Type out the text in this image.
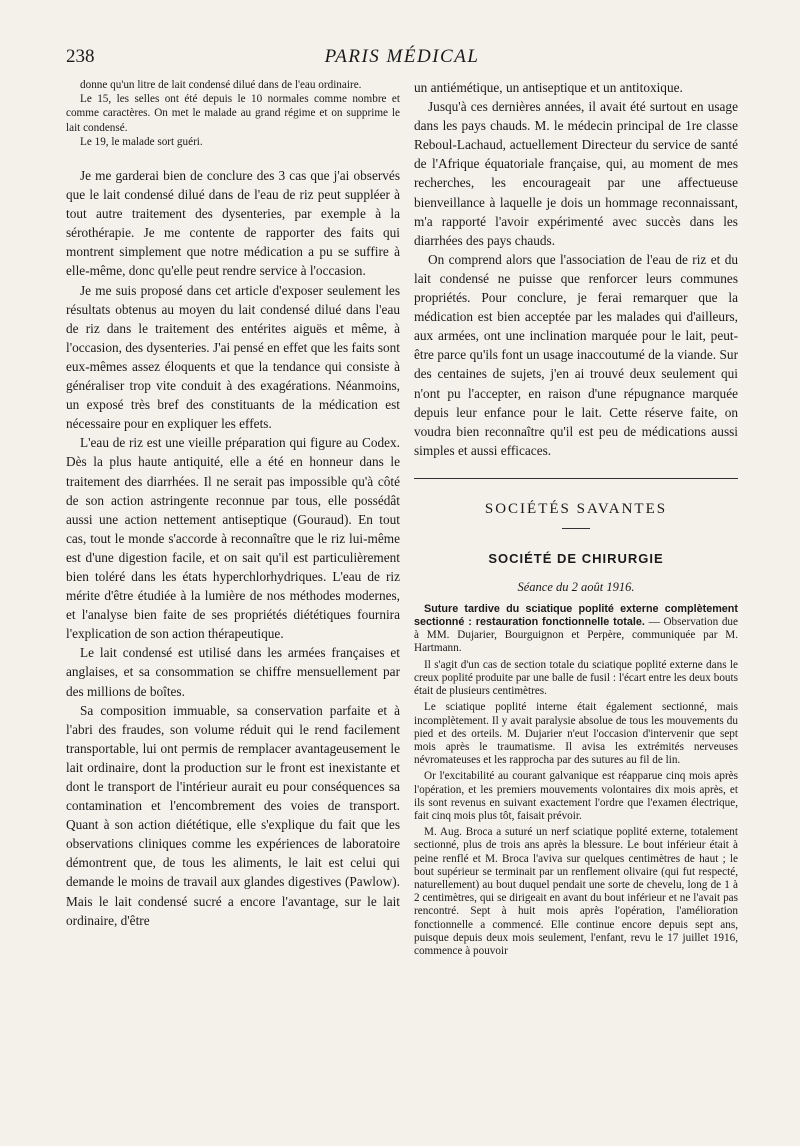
238	PARIS MÉDICAL

donne qu'un litre de lait condensé dilué dans de l'eau ordinaire.

Le 15, les selles ont été depuis le 10 normales comme nombre et comme caractères. On met le malade au grand régime et on supprime le lait condensé.

Le 19, le malade sort guéri.

Je me garderai bien de conclure des 3 cas que j'ai observés que le lait condensé dilué dans de l'eau de riz peut suppléer à tout autre traitement des dysenteries, par exemple à la sérothérapie. Je me contente de rapporter des faits qui montrent simplement que notre médication a pu se suffire à elle-même, donc qu'elle peut rendre service à l'occasion.

Je me suis proposé dans cet article d'exposer seulement les résultats obtenus au moyen du lait condensé dilué dans l'eau de riz dans le traitement des entérites aiguës et même, à l'occasion, des dysenteries. J'ai pensé en effet que les faits sont eux-mêmes assez éloquents et que la tendance qui consiste à généraliser trop vite conduit à des exagérations. Néanmoins, un exposé très bref des constituants de la médication est nécessaire pour en expliquer les effets.

L'eau de riz est une vieille préparation qui figure au Codex. Dès la plus haute antiquité, elle a été en honneur dans le traitement des diarrhées. Il ne serait pas impossible qu'à côté de son action astringente reconnue par tous, elle possédât aussi une action nettement antiseptique (Gouraud). En tout cas, tout le monde s'accorde à reconnaître que le riz lui-même est d'une digestion facile, et on sait qu'il est particulièrement bien toléré dans les états hyperchlorhydriques. L'eau de riz mérite d'être étudiée à la lumière de nos méthodes modernes, et l'analyse bien faite de ses propriétés diététiques fournira l'explication de son action thérapeutique.

Le lait condensé est utilisé dans les armées françaises et anglaises, et sa consommation se chiffre mensuellement par des millions de boîtes.

Sa composition immuable, sa conservation parfaite et à l'abri des fraudes, son volume réduit qui le rend facilement transportable, lui ont permis de remplacer avantageusement le lait ordinaire, dont la production sur le front est inexistante et dont le transport de l'intérieur aurait eu pour conséquences sa contamination et l'encombrement des voies de transport. Quant à son action diététique, elle s'explique du fait que les observations cliniques comme les expériences de laboratoire démontrent que, de tous les aliments, le lait est celui qui demande le moins de travail aux glandes digestives (Pawlow). Mais le lait condensé sucré a encore l'avantage, sur le lait ordinaire, d'être

un antiémétique, un antiseptique et un antitoxique.

Jusqu'à ces dernières années, il avait été surtout en usage dans les pays chauds. M. le médecin principal de 1re classe Reboul-Lachaud, actuellement Directeur du service de santé de l'Afrique équatoriale française, qui, au moment de mes recherches, les encourageait par une affectueuse bienveillance à laquelle je dois un hommage reconnaissant, m'a rapporté l'avoir expérimenté avec succès dans les diarrhées des pays chauds.

On comprend alors que l'association de l'eau de riz et du lait condensé ne puisse que renforcer leurs communes propriétés. Pour conclure, je ferai remarquer que la médication est bien acceptée par les malades qui d'ailleurs, aux armées, ont une inclination marquée pour le lait, peut-être parce qu'ils font un usage inaccoutumé de la viande. Sur des centaines de sujets, j'en ai trouvé deux seulement qui n'ont pu l'accepter, en raison d'une répugnance marquée depuis leur enfance pour le lait. Cette réserve faite, on voudra bien reconnaître qu'il est peu de médications aussi simples et aussi efficaces.

SOCIÉTÉS SAVANTES
SOCIÉTÉ DE CHIRURGIE
Séance du 2 août 1916.

Suture tardive du sciatique poplité externe complètement sectionné : restauration fonctionnelle totale. — Observation due à MM. Dujarier, Bourguignon et Perpère, communiquée par M. Hartmann.

Il s'agit d'un cas de section totale du sciatique poplité externe dans le creux poplité produite par une balle de fusil : l'écart entre les deux bouts était de plusieurs centimètres.

Le sciatique poplité interne était également sectionné, mais incomplètement. Il y avait paralysie absolue de tous les mouvements du pied et des orteils. M. Dujarier n'eut l'occasion d'intervenir que sept mois après le traumatisme. Il avisa les extrémités nerveuses névromateuses et les rapprocha par des sutures au fil de lin.

Or l'excitabilité au courant galvanique est réapparue cinq mois après l'opération, et les premiers mouvements volontaires dix mois après, et ils sont revenus en suivant exactement l'ordre que l'examen électrique, fait cinq mois plus tôt, faisait prévoir.

M. Aug. Broca a suturé un nerf sciatique poplité externe, totalement sectionné, plus de trois ans après la blessure. Le bout inférieur était à peine renflé et M. Broca l'aviva sur quelques centimètres de haut ; le bout supérieur se terminait par un renflement olivaire (qui fut respecté, naturellement) au bout duquel pendait une sorte de chevelu, long de 1 à 2 centimètres, qui se dirigeait en avant du bout inférieur et ne l'avait pas rencontré. Sept à huit mois après l'opération, l'amélioration fonctionnelle a commencé. Elle continue encore depuis sept ans, puisque depuis deux mois seulement, l'enfant, revu le 17 juillet 1916, commence à pouvoir
